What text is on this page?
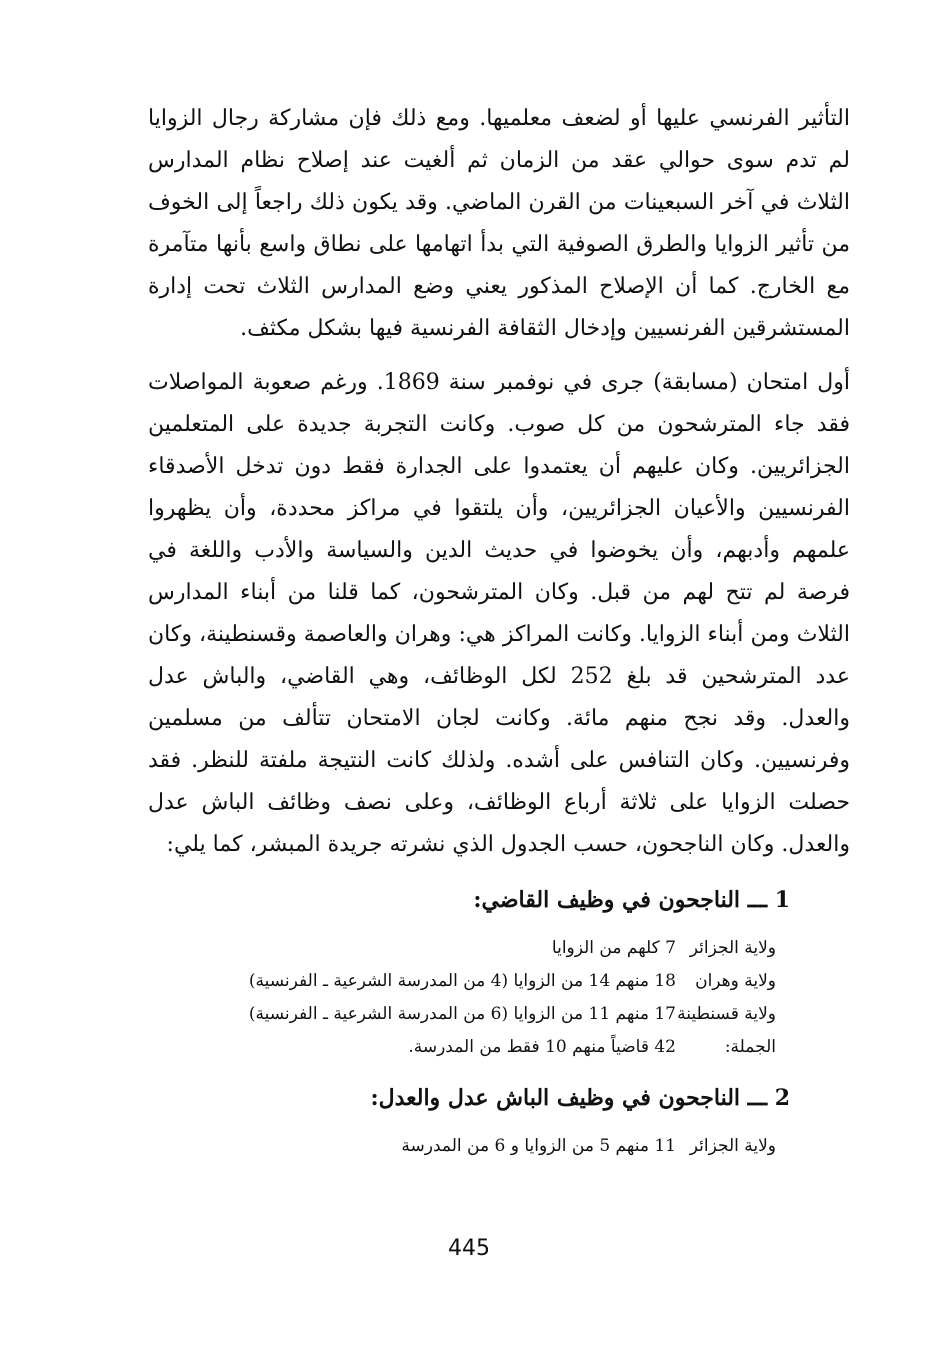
التأثير الفرنسي عليها أو لضعف معلميها. ومع ذلك فإن مشاركة رجال الزوايا لم تدم سوى حوالي عقد من الزمان ثم ألغيت عند إصلاح نظام المدارس الثلاث في آخر السبعينات من القرن الماضي. وقد يكون ذلك راجعاً إلى الخوف من تأثير الزوايا والطرق الصوفية التي بدأ اتهامها على نطاق واسع بأنها متآمرة مع الخارج. كما أن الإصلاح المذكور يعني وضع المدارس الثلاث تحت إدارة المستشرقين الفرنسيين وإدخال الثقافة الفرنسية فيها بشكل مكثف.

أول امتحان (مسابقة) جرى في نوفمبر سنة 1869. ورغم صعوبة المواصلات فقد جاء المترشحون من كل صوب. وكانت التجربة جديدة على المتعلمين الجزائريين. وكان عليهم أن يعتمدوا على الجدارة فقط دون تدخل الأصدقاء الفرنسيين والأعيان الجزائريين، وأن يلتقوا في مراكز محددة، وأن يظهروا علمهم وأدبهم، وأن يخوضوا في حديث الدين والسياسة والأدب واللغة في فرصة لم تتح لهم من قبل. وكان المترشحون، كما قلنا من أبناء المدارس الثلاث ومن أبناء الزوايا. وكانت المراكز هي: وهران والعاصمة وقسنطينة، وكان عدد المترشحين قد بلغ 252 لكل الوظائف، وهي القاضي، والباش عدل والعدل. وقد نجح منهم مائة. وكانت لجان الامتحان تتألف من مسلمين وفرنسيين. وكان التنافس على أشده. ولذلك كانت النتيجة ملفتة للنظر. فقد حصلت الزوايا على ثلاثة أرباع الوظائف، وعلى نصف وظائف الباش عدل والعدل. وكان الناجحون، حسب الجدول الذي نشرته جريدة المبشر، كما يلي:

1 ـــ الناجحون في وظيف القاضي:
ولاية الجزائر
7 كلهم من الزوايا
ولاية وهران
18 منهم 14 من الزوايا (4 من المدرسة الشرعية ـ الفرنسية)
ولاية قسنطينة
17 منهم 11 من الزوايا (6 من المدرسة الشرعية ـ الفرنسية)
الجملة:
42 قاضياً منهم 10 فقط من المدرسة.
2 ـــ الناجحون في وظيف الباش عدل والعدل:
ولاية الجزائر
11 منهم 5 من الزوايا و 6 من المدرسة
445
